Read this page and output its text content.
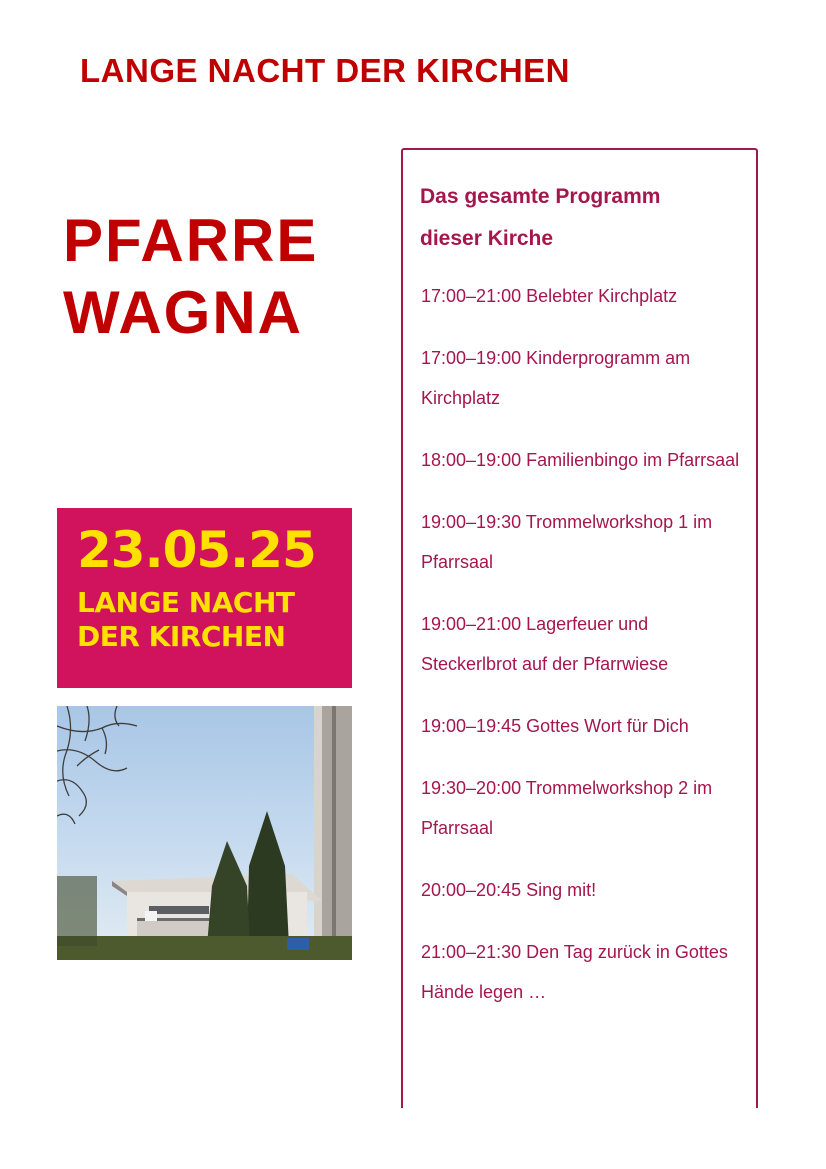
LANGE NACHT DER KIRCHEN
PFARRE
WAGNA
23.05.25
LANGE NACHT
DER KIRCHEN
Das gesamte Programm
dieser Kirche
17:00–21:00 Belebter Kirchplatz
17:00–19:00 Kinderprogramm am
Kirchplatz
18:00–19:00 Familienbingo im Pfarrsaal
19:00–19:30 Trommelworkshop 1 im
Pfarrsaal
19:00–21:00 Lagerfeuer und
Steckerlbrot auf der Pfarrwiese
19:00–19:45 Gottes Wort für Dich
19:30–20:00 Trommelworkshop 2 im
Pfarrsaal
20:00–20:45 Sing mit!
21:00–21:30 Den Tag zurück in Gottes
Hände legen …
